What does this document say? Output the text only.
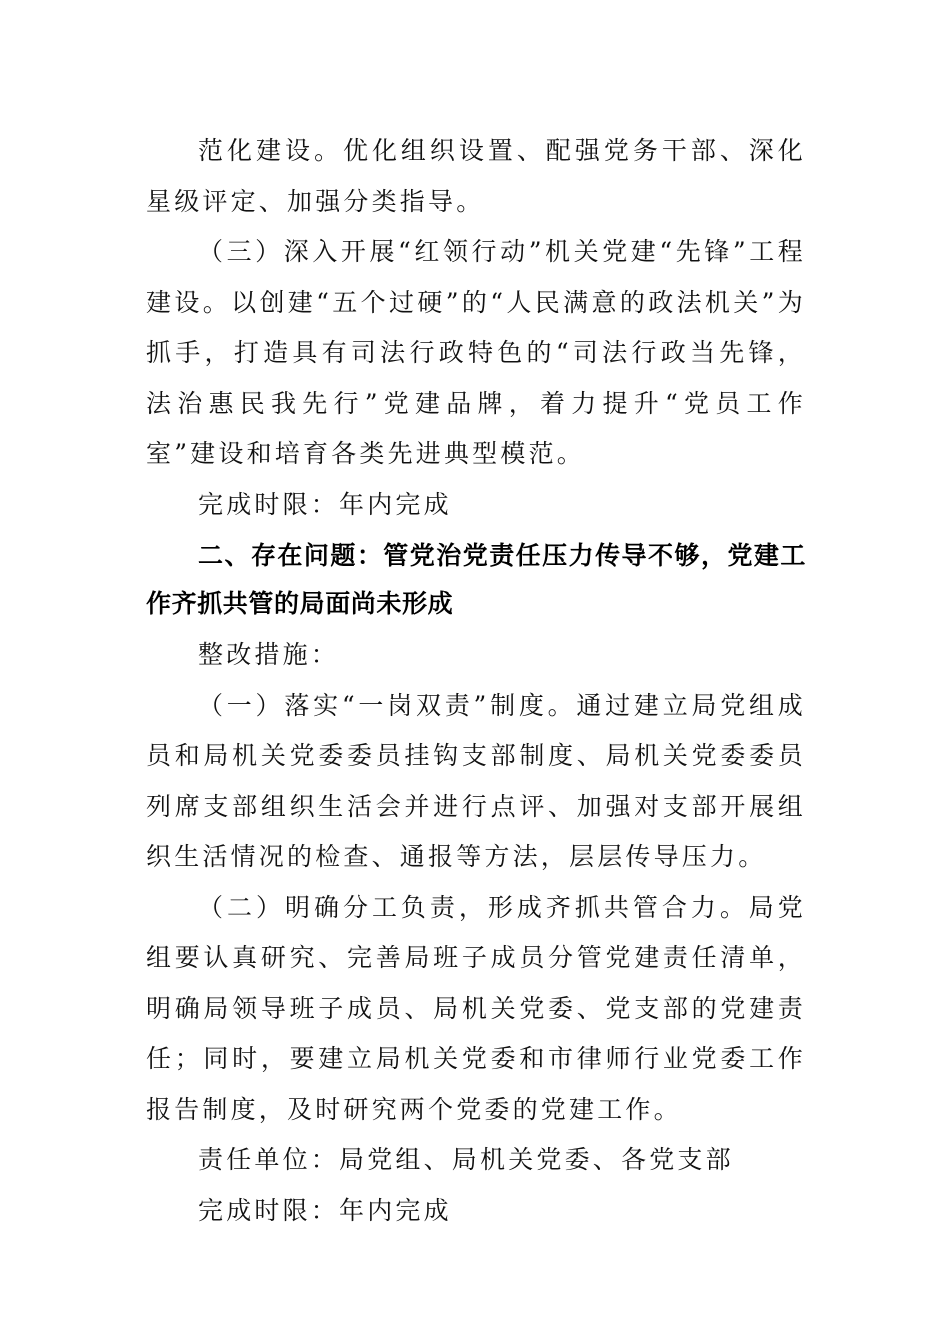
范化建设。优化组织设置、配强党务干部、深化星级评定、加强分类指导。

（三）深入开展“红领行动”机关党建“先锋”工程建设。以创建“五个过硬”的“人民满意的政法机关”为抓手，打造具有司法行政特色的“司法行政当先锋，法治惠民我先行”党建品牌，着力提升“党员工作室”建设和培育各类先进典型模范。

完成时限：年内完成

二、存在问题：管党治党责任压力传导不够，党建工作齐抓共管的局面尚未形成

整改措施：

（一）落实“一岗双责”制度。通过建立局党组成员和局机关党委委员挂钩支部制度、局机关党委委员列席支部组织生活会并进行点评、加强对支部开展组织生活情况的检查、通报等方法，层层传导压力。

（二）明确分工负责，形成齐抓共管合力。局党组要认真研究、完善局班子成员分管党建责任清单，明确局领导班子成员、局机关党委、党支部的党建责任；同时，要建立局机关党委和市律师行业党委工作报告制度，及时研究两个党委的党建工作。

责任单位：局党组、局机关党委、各党支部

完成时限：年内完成
